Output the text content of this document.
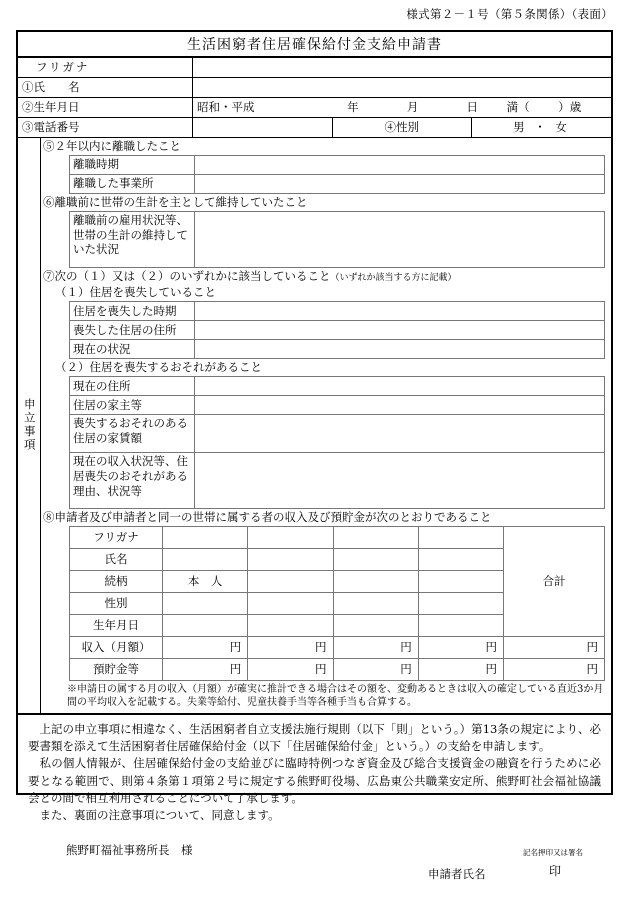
様式第２－１号（第５条関係）（表面）
生活困窮者住居確保給付金支給申請書
フリガナ			
①氏　　名			
②生年月日	昭和・平成 年 月 日 満（ ）歳		
③電話番号		④性別	男 ・ 女
申立事項
⑤２年以内に離職したこと
離職時期	
離職した事業所	
⑥離職前に世帯の生計を主として維持していたこと
離職前の雇用状況等、世帯の生計の維持していた状況	
⑦次の（１）又は（２）のいずれかに該当していること（いずれか該当する方に記載）
（１）住居を喪失していること
住居を喪失した時期	
喪失した住居の住所	
現在の状況	
（２）住居を喪失するおそれがあること
現在の住所	
住居の家主等	
喪失するおそれのある住居の家賃額	
現在の収入状況等、住居喪失のおそれがある理由、状況等	
⑧申請者及び申請者と同一の世帯に属する者の収入及び預貯金が次のとおりであること
フリガナ					合計
氏名					
続柄	本　人				
性別					
生年月日					
収入（月額）	円	円	円	円	円
預貯金等	円	円	円	円	円
※申請日の属する月の収入（月額）が確実に推計できる場合はその額を、変動あるときは収入の確定している直近3か月間の平均収入を記載する。失業等給付、児童扶養手当等各種手当も合算する。

上記の申立事項に相違なく、生活困窮者自立支援法施行規則（以下「則」という。）第13条の規定により、必要書類を添えて生活困窮者住居確保給付金（以下「住居確保給付金」という。）の支給を申請します。

私の個人情報が、住居確保給付金の支給並びに臨時特例つなぎ資金及び総合支援資金の融資を行うために必要となる範囲で、則第４条第１項第２号に規定する熊野町役場、広島東公共職業安定所、熊野町社会福祉協議会との間で相互利用されることについて了承します。

また、裏面の注意事項について、同意します。

熊野町福祉事務所長　様
申請者氏名
記名押印又は署名
印
